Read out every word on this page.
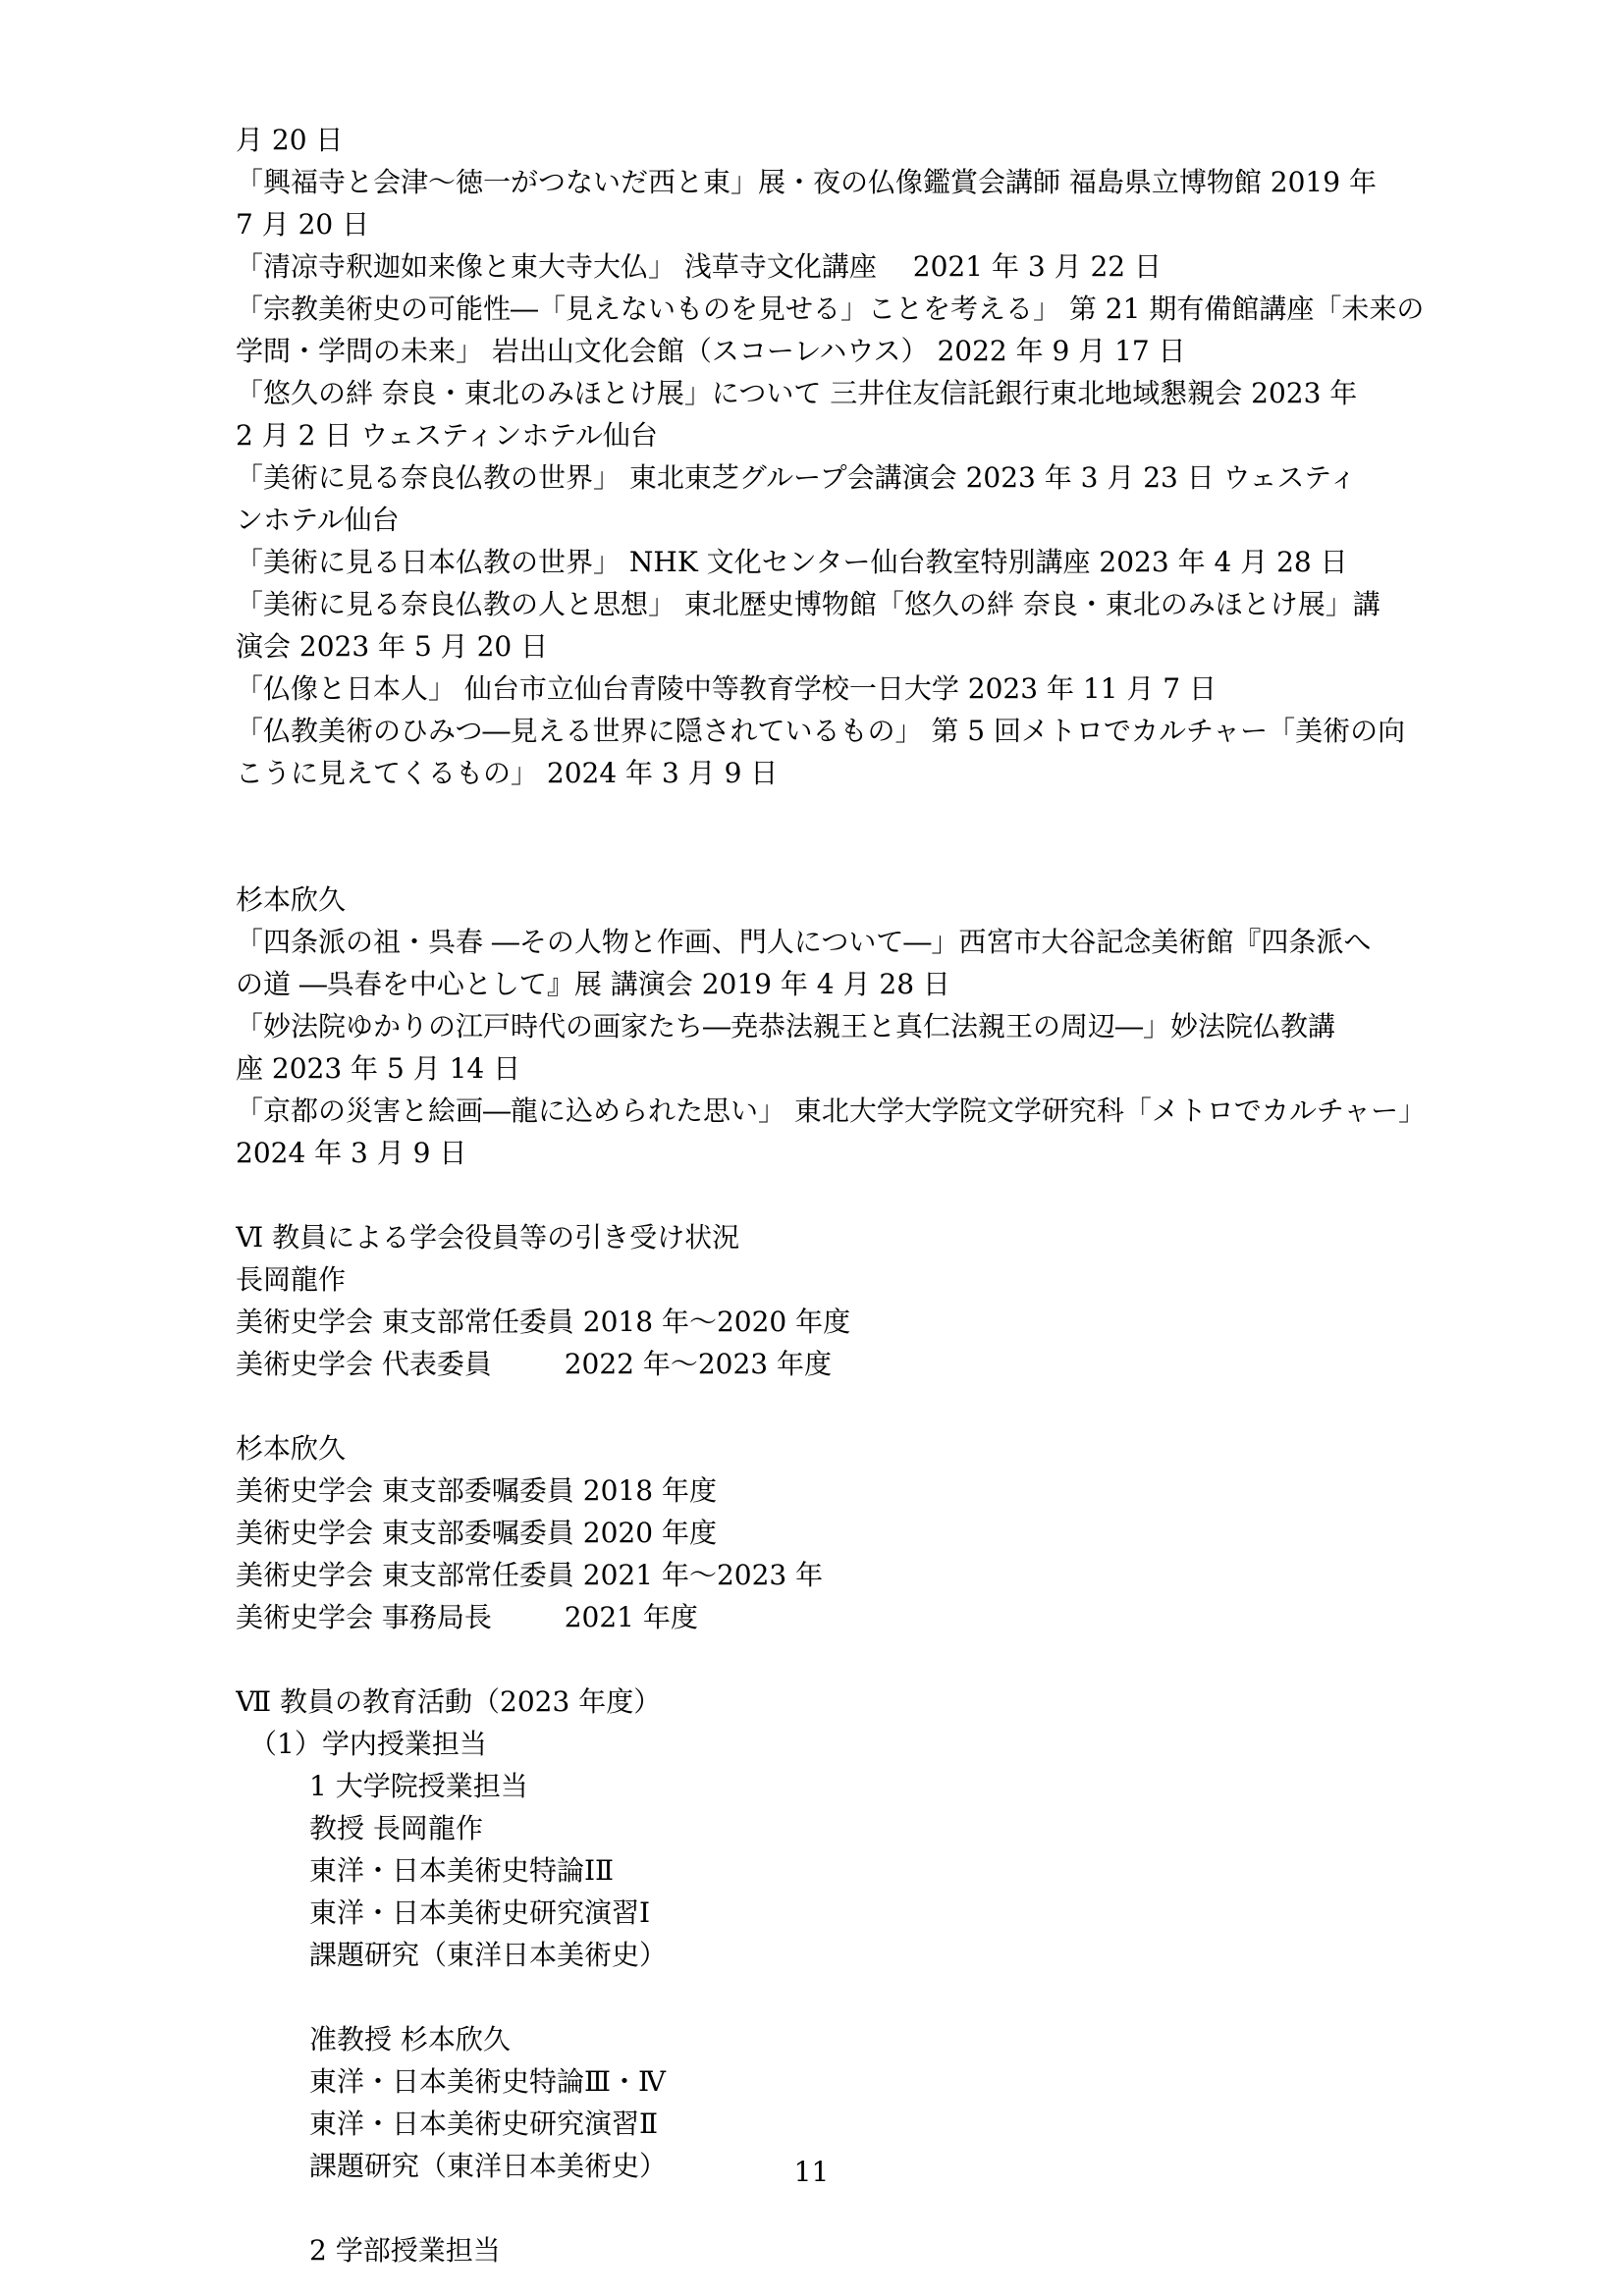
月 20 日
「興福寺と会津～徳一がつないだ西と東」展・夜の仏像鑑賞会講師 福島県立博物館 2019 年
7 月 20 日
「清凉寺釈迦如来像と東大寺大仏」 浅草寺文化講座　 2021 年 3 月 22 日
「宗教美術史の可能性―「見えないものを見せる」ことを考える」 第 21 期有備館講座「未来の
学問・学問の未来」 岩出山文化会館（スコーレハウス） 2022 年 9 月 17 日
「悠久の絆 奈良・東北のみほとけ展」について 三井住友信託銀行東北地域懇親会 2023 年
2 月 2 日 ウェスティンホテル仙台
「美術に見る奈良仏教の世界」 東北東芝グループ会講演会 2023 年 3 月 23 日 ウェスティ
ンホテル仙台
「美術に見る日本仏教の世界」 NHK 文化センター仙台教室特別講座 2023 年 4 月 28 日
「美術に見る奈良仏教の人と思想」 東北歴史博物館「悠久の絆 奈良・東北のみほとけ展」講
演会 2023 年 5 月 20 日
「仏像と日本人」 仙台市立仙台青陵中等教育学校一日大学 2023 年 11 月 7 日
「仏教美術のひみつ―見える世界に隠されているもの」 第 5 回メトロでカルチャー「美術の向
こうに見えてくるもの」 2024 年 3 月 9 日
杉本欣久
「四条派の祖・呉春 ―その人物と作画、門人について―」西宮市大谷記念美術館『四条派へ
の道 ―呉春を中心として』展 講演会 2019 年 4 月 28 日
「妙法院ゆかりの江戸時代の画家たち―尭恭法親王と真仁法親王の周辺―」妙法院仏教講
座 2023 年 5 月 14 日
「京都の災害と絵画―龍に込められた思い」 東北大学大学院文学研究科「メトロでカルチャー」
2024 年 3 月 9 日
Ⅵ 教員による学会役員等の引き受け状況
長岡龍作
美術史学会 東支部常任委員 2018 年～2020 年度
美術史学会 代表委員 　　 2022 年～2023 年度
杉本欣久
美術史学会 東支部委嘱委員 2018 年度
美術史学会 東支部委嘱委員 2020 年度
美術史学会 東支部常任委員 2021 年～2023 年
美術史学会 事務局長 　　 2021 年度
Ⅶ 教員の教育活動（2023 年度）
（1）学内授業担当
1 大学院授業担当
教授 長岡龍作
東洋・日本美術史特論ⅠⅡ
東洋・日本美術史研究演習Ⅰ
課題研究（東洋日本美術史）
准教授 杉本欣久
東洋・日本美術史特論Ⅲ・Ⅳ
東洋・日本美術史研究演習Ⅱ
課題研究（東洋日本美術史）
2 学部授業担当
11
